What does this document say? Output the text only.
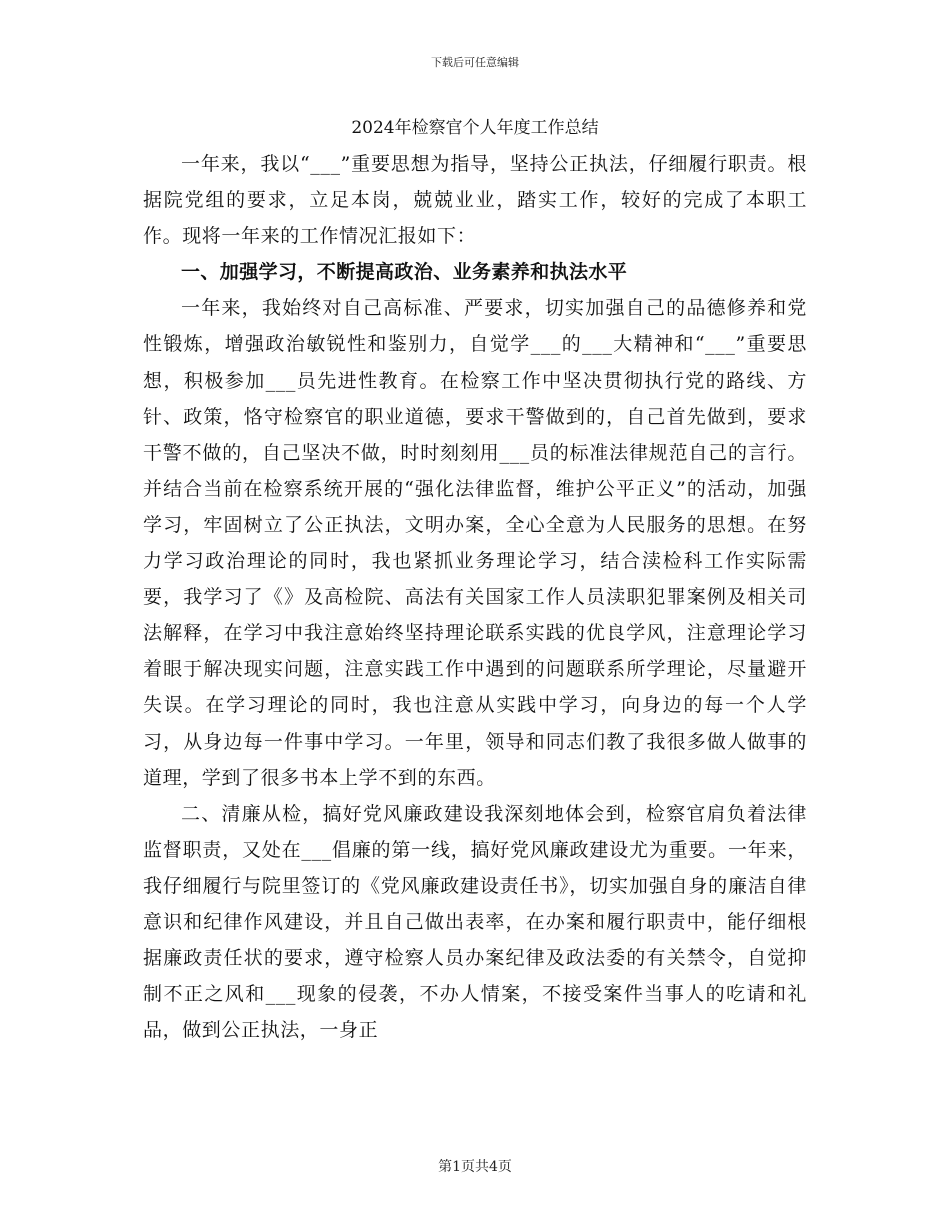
下载后可任意编辑
2024年检察官个人年度工作总结

一年来，我以“___”重要思想为指导，坚持公正执法，仔细履行职责。根据院党组的要求，立足本岗，兢兢业业，踏实工作，较好的完成了本职工作。现将一年来的工作情况汇报如下：

一、加强学习，不断提高政治、业务素养和执法水平

一年来，我始终对自己高标准、严要求，切实加强自己的品德修养和党性锻炼，增强政治敏锐性和鉴别力，自觉学___的___大精神和“___”重要思想，积极参加___员先进性教育。在检察工作中坚决贯彻执行党的路线、方针、政策，恪守检察官的职业道德，要求干警做到的，自己首先做到，要求干警不做的，自己坚决不做，时时刻刻用___员的标准法律规范自己的言行。并结合当前在检察系统开展的“强化法律监督，维护公平正义”的活动，加强学习，牢固树立了公正执法，文明办案，全心全意为人民服务的思想。在努力学习政治理论的同时，我也紧抓业务理论学习，结合渎检科工作实际需要，我学习了《》及高检院、高法有关国家工作人员渎职犯罪案例及相关司法解释，在学习中我注意始终坚持理论联系实践的优良学风，注意理论学习着眼于解决现实问题，注意实践工作中遇到的问题联系所学理论，尽量避开失误。在学习理论的同时，我也注意从实践中学习，向身边的每一个人学习，从身边每一件事中学习。一年里，领导和同志们教了我很多做人做事的道理，学到了很多书本上学不到的东西。

二、清廉从检，搞好党风廉政建设我深刻地体会到，检察官肩负着法律监督职责，又处在___倡廉的第一线，搞好党风廉政建设尤为重要。一年来，我仔细履行与院里签订的《党风廉政建设责任书》，切实加强自身的廉洁自律意识和纪律作风建设，并且自己做出表率，在办案和履行职责中，能仔细根据廉政责任状的要求，遵守检察人员办案纪律及政法委的有关禁令，自觉抑制不正之风和___现象的侵袭，不办人情案，不接受案件当事人的吃请和礼品，做到公正执法，一身正

第1页共4页
